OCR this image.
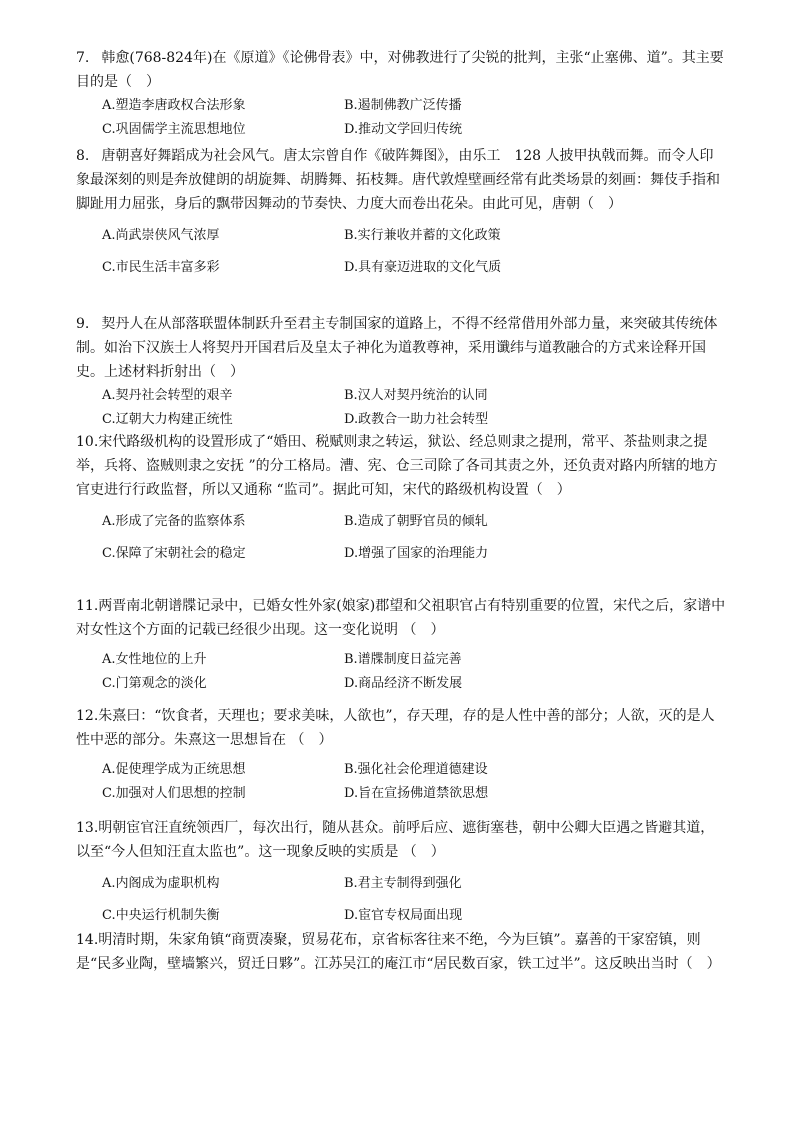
7. 韩愈(768-824年)在《原道》《论佛骨表》中，对佛教进行了尖锐的批判，主张“止塞佛、道”。其主要目的是（　）

A.塑造李唐政权合法形象	B.遏制佛教广泛传播
C.巩固儒学主流思想地位	D.推动文学回归传统

8. 唐朝喜好舞蹈成为社会风气。唐太宗曾自作《破阵舞图》，由乐工　128 人披甲执戟而舞。而令人印象最深刻的则是奔放健朗的胡旋舞、胡腾舞、拓枝舞。唐代敦煌壁画经常有此类场景的刻画：舞伎手指和脚趾用力屈张，身后的飘带因舞动的节奏快、力度大而卷出花朵。由此可见，唐朝（　）

A.尚武崇侠风气浓厚	B.实行兼收并蓄的文化政策
C.市民生活丰富多彩	D.具有豪迈进取的文化气质

9. 契丹人在从部落联盟体制跃升至君主专制国家的道路上，不得不经常借用外部力量，来突破其传统体制。如治下汉族士人将契丹开国君后及皇太子神化为道教尊神，采用谶纬与道教融合的方式来诠释开国史。上述材料折射出（　）

A.契丹社会转型的艰辛	B.汉人对契丹统治的认同
C.辽朝大力构建正统性	D.政教合一助力社会转型

10.宋代路级机构的设置形成了“婚田、税赋则隶之转运，狱讼、经总则隶之提刑，常平、茶盐则隶之提举，兵将、盗贼则隶之安抚 ”的分工格局。漕、宪、仓三司除了各司其责之外，还负责对路内所辖的地方官吏进行行政监督，所以又通称 “监司”。据此可知，宋代的路级机构设置（　）

A.形成了完备的监察体系	B.造成了朝野官员的倾轧
C.保障了宋朝社会的稳定	D.增强了国家的治理能力

11.两晋南北朝谱牒记录中，已婚女性外家(娘家)郡望和父祖职官占有特别重要的位置，宋代之后，家谱中对女性这个方面的记载已经很少出现。这一变化说明 （　）

A.女性地位的上升	B.谱牒制度日益完善
C.门第观念的淡化	D.商品经济不断发展

12.朱熹曰：“饮食者，天理也；要求美味，人欲也”，存天理，存的是人性中善的部分；人欲，灭的是人性中恶的部分。朱熹这一思想旨在 （　）

A.促使理学成为正统思想	B.强化社会伦理道德建设
C.加强对人们思想的控制	D.旨在宣扬佛道禁欲思想

13.明朝宦官汪直统领西厂，每次出行，随从甚众。前呼后应、遮街塞巷，朝中公卿大臣遇之皆避其道，以至“今人但知汪直太监也”。这一现象反映的实质是 （　）

A.内阁成为虚职机构	B.君主专制得到强化
C.中央运行机制失衡	D.宦官专权局面出现

14.明清时期，朱家角镇“商贾凑聚，贸易花布，京省标客往来不绝，今为巨镇”。嘉善的干家窑镇，则是“民多业陶，壁墙繁兴，贸迁日夥”。江苏吴江的庵江市“居民数百家，铁工过半”。这反映出当时（　）
